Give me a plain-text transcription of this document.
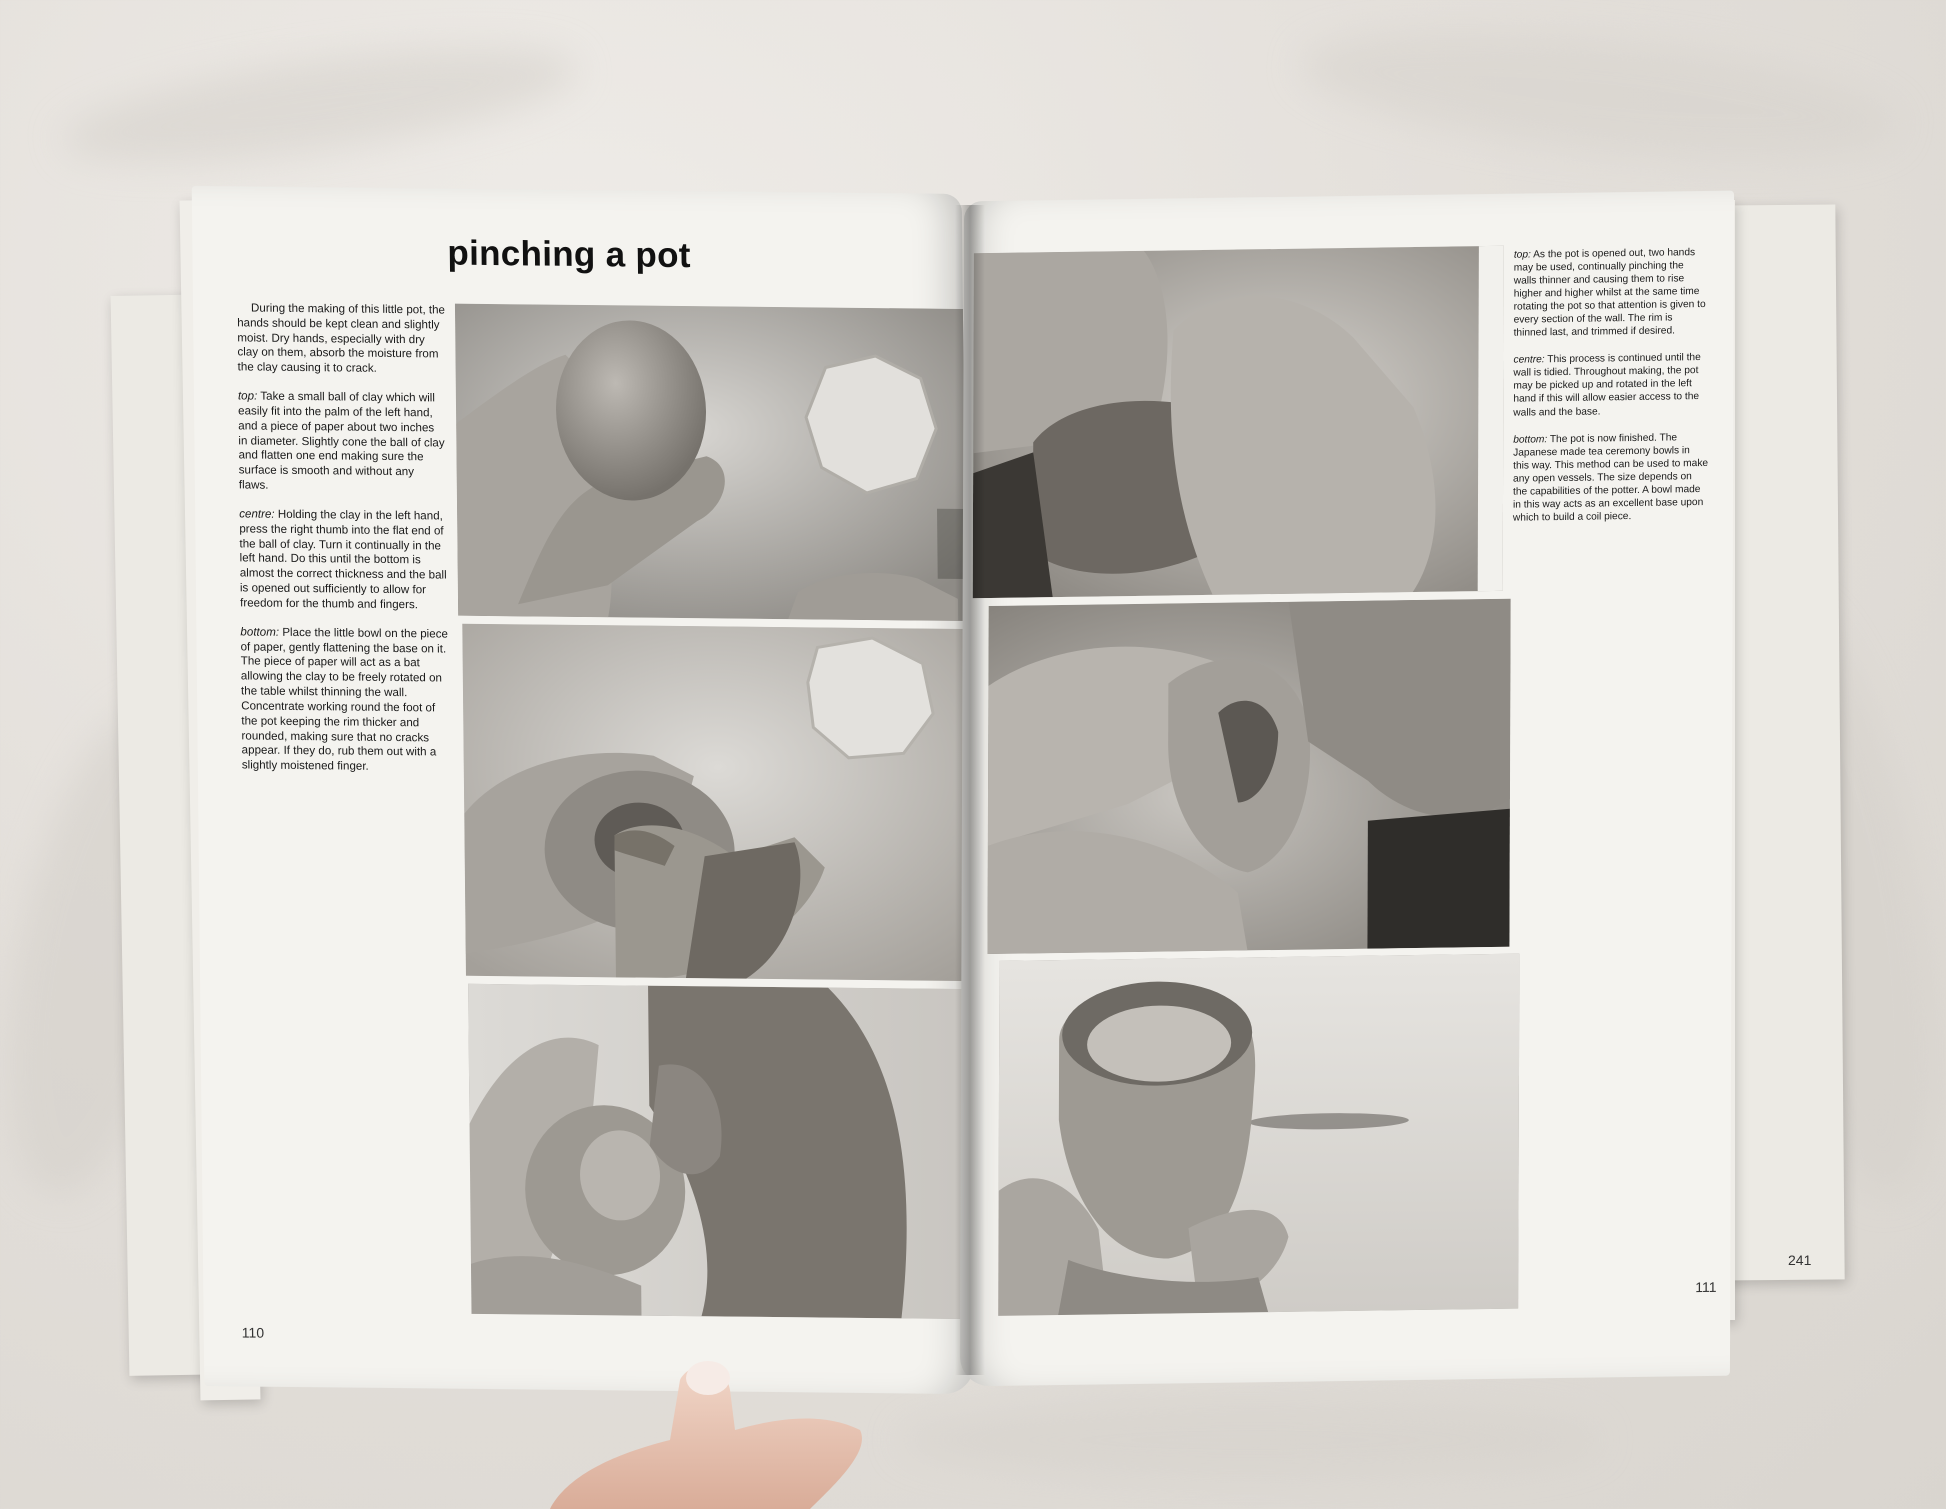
241
pinching a pot

During the making of this little pot, the hands should be kept clean and slightly moist. Dry hands, especially with dry clay on them, absorb the moisture from the clay causing it to crack.

top: Take a small ball of clay which will easily fit into the palm of the left hand, and a piece of paper about two inches in diameter. Slightly cone the ball of clay and flatten one end making sure the surface is smooth and without any flaws.

centre: Holding the clay in the left hand, press the right thumb into the flat end of the ball of clay. Turn it continually in the left hand. Do this until the bottom is almost the correct thickness and the ball is opened out sufficiently to allow for freedom for the thumb and fingers.

bottom: Place the little bowl on the piece of paper, gently flattening the base on it. The piece of paper will act as a bat allowing the clay to be freely rotated on the table whilst thinning the wall. Concentrate working round the foot of the pot keeping the rim thicker and rounded, making sure that no cracks appear. If they do, rub them out with a slightly moistened finger.

110

top: As the pot is opened out, two hands may be used, continually pinching the walls thinner and causing them to rise higher and higher whilst at the same time rotating the pot so that attention is given to every section of the wall. The rim is thinned last, and trimmed if desired.

centre: This process is continued until the wall is tidied. Throughout making, the pot may be picked up and rotated in the left hand if this will allow easier access to the walls and the base.

bottom: The pot is now finished. The Japanese made tea ceremony bowls in this way. This method can be used to make any open vessels. The size depends on the capabilities of the potter. A bowl made in this way acts as an excellent base upon which to build a coil piece.

111
